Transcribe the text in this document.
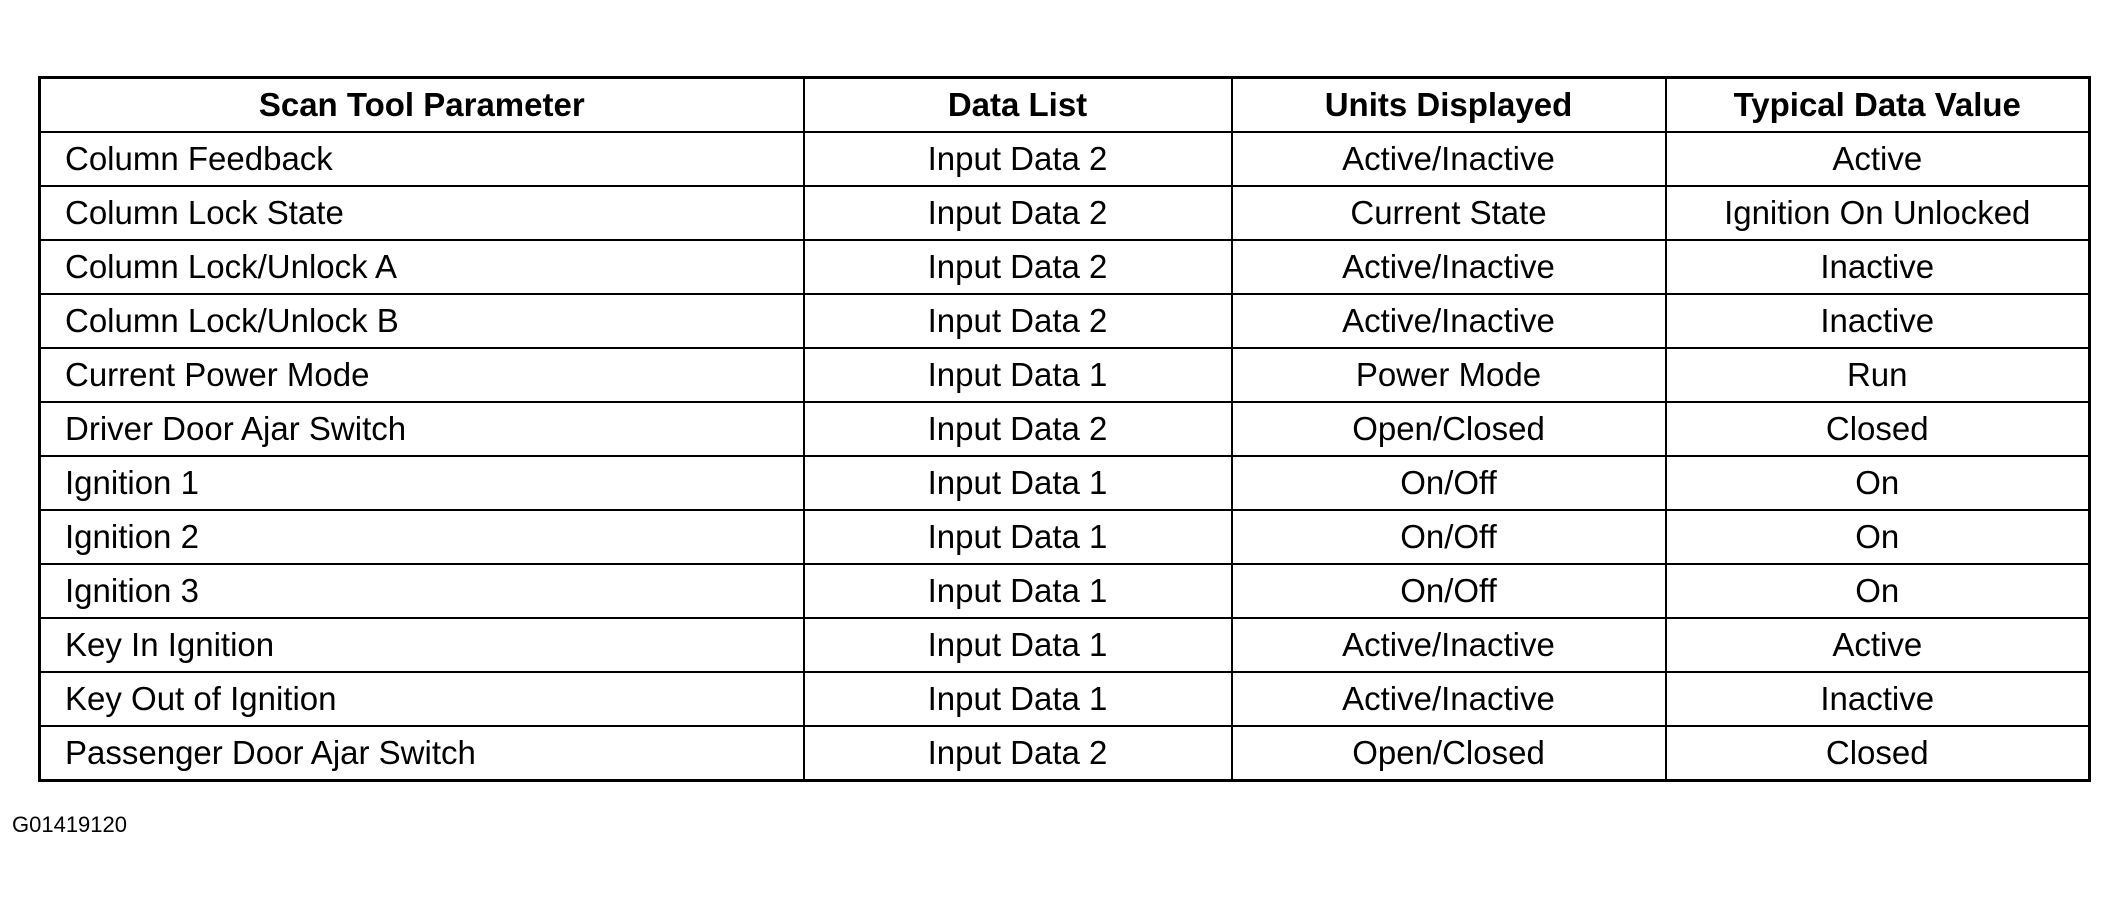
Scan Tool Parameter	Data List	Units Displayed	Typical Data Value
Column Feedback	Input Data 2	Active/Inactive	Active
Column Lock State	Input Data 2	Current State	Ignition On Unlocked
Column Lock/Unlock A	Input Data 2	Active/Inactive	Inactive
Column Lock/Unlock B	Input Data 2	Active/Inactive	Inactive
Current Power Mode	Input Data 1	Power Mode	Run
Driver Door Ajar Switch	Input Data 2	Open/Closed	Closed
Ignition 1	Input Data 1	On/Off	On
Ignition 2	Input Data 1	On/Off	On
Ignition 3	Input Data 1	On/Off	On
Key In Ignition	Input Data 1	Active/Inactive	Active
Key Out of Ignition	Input Data 1	Active/Inactive	Inactive
Passenger Door Ajar Switch	Input Data 2	Open/Closed	Closed
G01419120
